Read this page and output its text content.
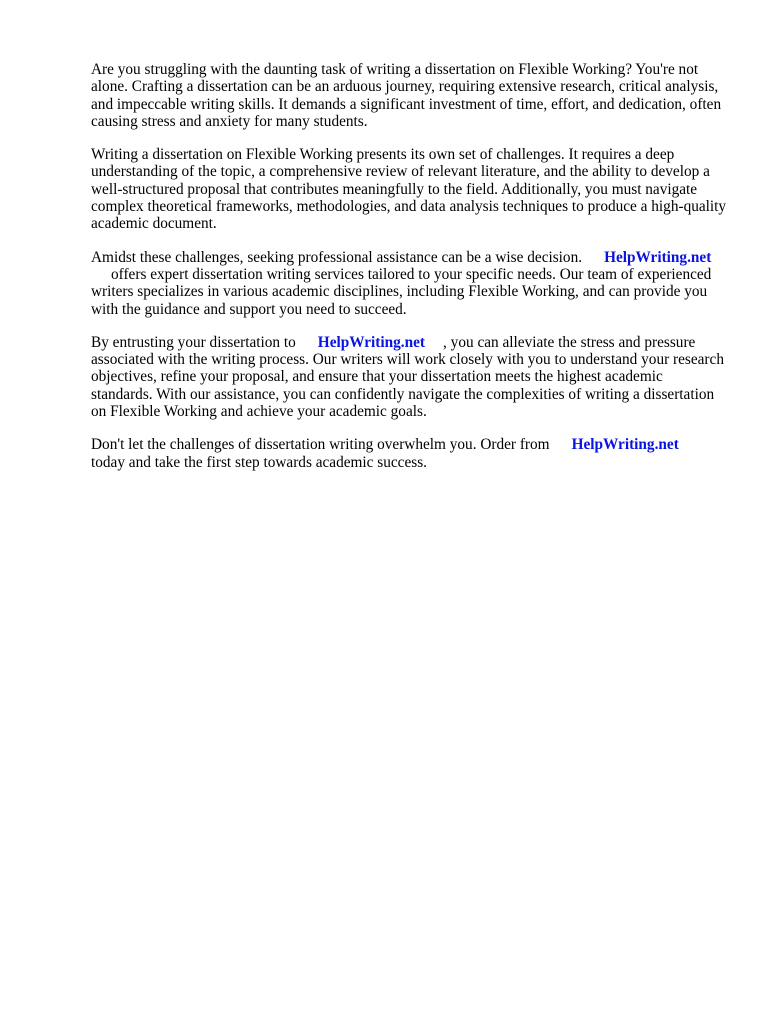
Are you struggling with the daunting task of writing a dissertation on Flexible Working? You're not alone. Crafting a dissertation can be an arduous journey, requiring extensive research, critical analysis, and impeccable writing skills. It demands a significant investment of time, effort, and dedication, often causing stress and anxiety for many students.

Writing a dissertation on Flexible Working presents its own set of challenges. It requires a deep understanding of the topic, a comprehensive review of relevant literature, and the ability to develop a well-structured proposal that contributes meaningfully to the field. Additionally, you must navigate complex theoretical frameworks, methodologies, and data analysis techniques to produce a high-quality academic document.

Amidst these challenges, seeking professional assistance can be a wise decision. HelpWriting.net
offers expert dissertation writing services tailored to your specific needs. Our team of experienced writers specializes in various academic disciplines, including Flexible Working, and can provide you with the guidance and support you need to succeed.

By entrusting your dissertation to HelpWriting.net , you can alleviate the stress and pressure associated with the writing process. Our writers will work closely with you to understand your research objectives, refine your proposal, and ensure that your dissertation meets the highest academic standards. With our assistance, you can confidently navigate the complexities of writing a dissertation on Flexible Working and achieve your academic goals.

Don't let the challenges of dissertation writing overwhelm you. Order from HelpWriting.net
today and take the first step towards academic success.
